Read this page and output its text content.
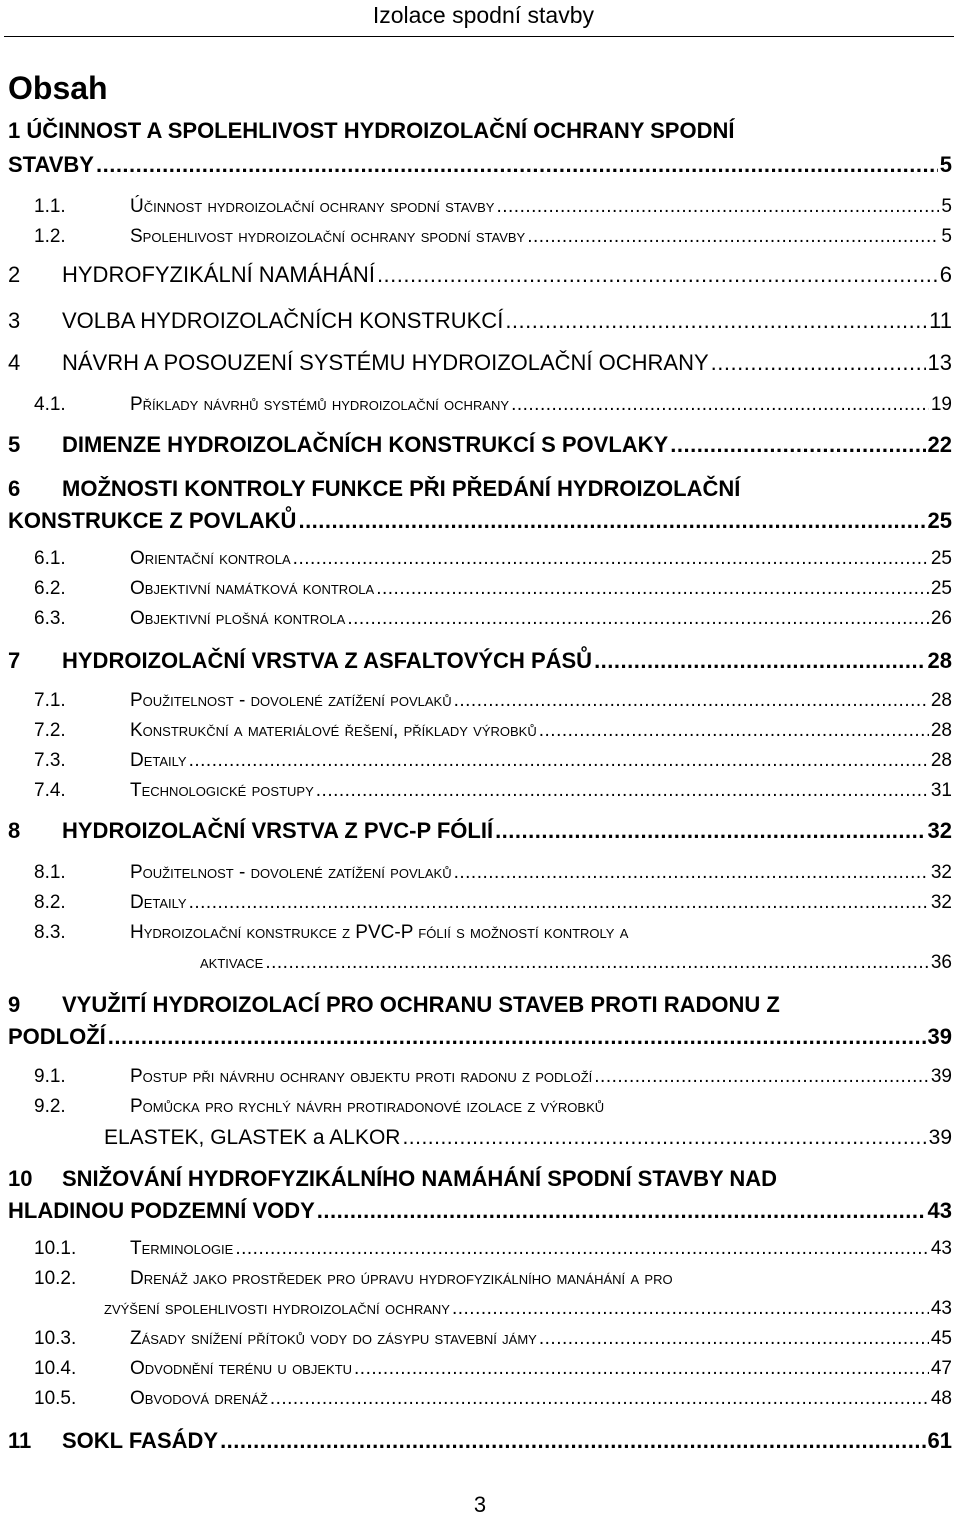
Izolace spodní stavby
Obsah
1 ÚČINNOST A SPOLEHLIVOST HYDROIZOLAČNÍ OCHRANY SPODNÍ
STAVBY .....	5
1.1.	Účinnost hydroizolační ochrany spodní stavby .....	5
1.2.	Spolehlivost hydroizolační ochrany spodní stavby .....	5
2	HYDROFYZIKÁLNÍ NAMÁHÁNÍ .....	6
3	VOLBA HYDROIZOLAČNÍCH KONSTRUKCÍ .....	11
4	NÁVRH A POSOUZENÍ SYSTÉMU HYDROIZOLAČNÍ OCHRANY .....	13
4.1.	Příklady návrhů systémů hydroizolační ochrany .....	19
5	DIMENZE HYDROIZOLAČNÍCH KONSTRUKCÍ S POVLAKY .....	22
6	MOŽNOSTI KONTROLY FUNKCE PŘI PŘEDÁNÍ HYDROIZOLAČNÍ
KONSTRUKCE Z POVLAKŮ .....	25
6.1.	Orientační kontrola .....	25
6.2.	Objektivní namátková kontrola .....	25
6.3.	Objektivní plošná kontrola .....	26
7	HYDROIZOLAČNÍ VRSTVA Z ASFALTOVÝCH PÁSŮ .....	28
7.1.	Použitelnost - dovolené zatížení povlaků .....	28
7.2.	Konstrukční a materiálové řešení, příklady výrobků .....	28
7.3.	Detaily .....	28
7.4.	Technologické postupy .....	31
8	HYDROIZOLAČNÍ VRSTVA Z PVC-P FÓLIÍ .....	32
8.1.	Použitelnost - dovolené zatížení povlaků .....	32
8.2.	Detaily .....	32
8.3.	Hydroizolační konstrukce z PVC-P fólií s možností kontroly a
aktivace .....	36
9	VYUŽITÍ HYDROIZOLACÍ PRO OCHRANU STAVEB PROTI RADONU Z
PODLOŽÍ .....	39
9.1.	Postup při návrhu ochrany objektu proti radonu z podloží .....	39
9.2.	Pomůcka pro rychlý návrh protiradonové izolace z výrobků
ELASTEK, GLASTEK a ALKOR .....	39
10	SNIŽOVÁNÍ HYDROFYZIKÁLNÍHO NAMÁHÁNÍ SPODNÍ STAVBY NAD
HLADINOU PODZEMNÍ VODY .....	43
10.1.	Terminologie .....	43
10.2.	Drenáž jako prostředek pro úpravu hydrofyzikálního manáhání a pro
zvýšení spolehlivosti hydroizolační ochrany .....	43
10.3.	Zásady snížení přítoků vody do zásypu stavební jámy .....	45
10.4.	Odvodnění terénu u objektu .....	47
10.5.	Obvodová drenáž .....	48
11	SOKL FASÁDY .....	61
3
